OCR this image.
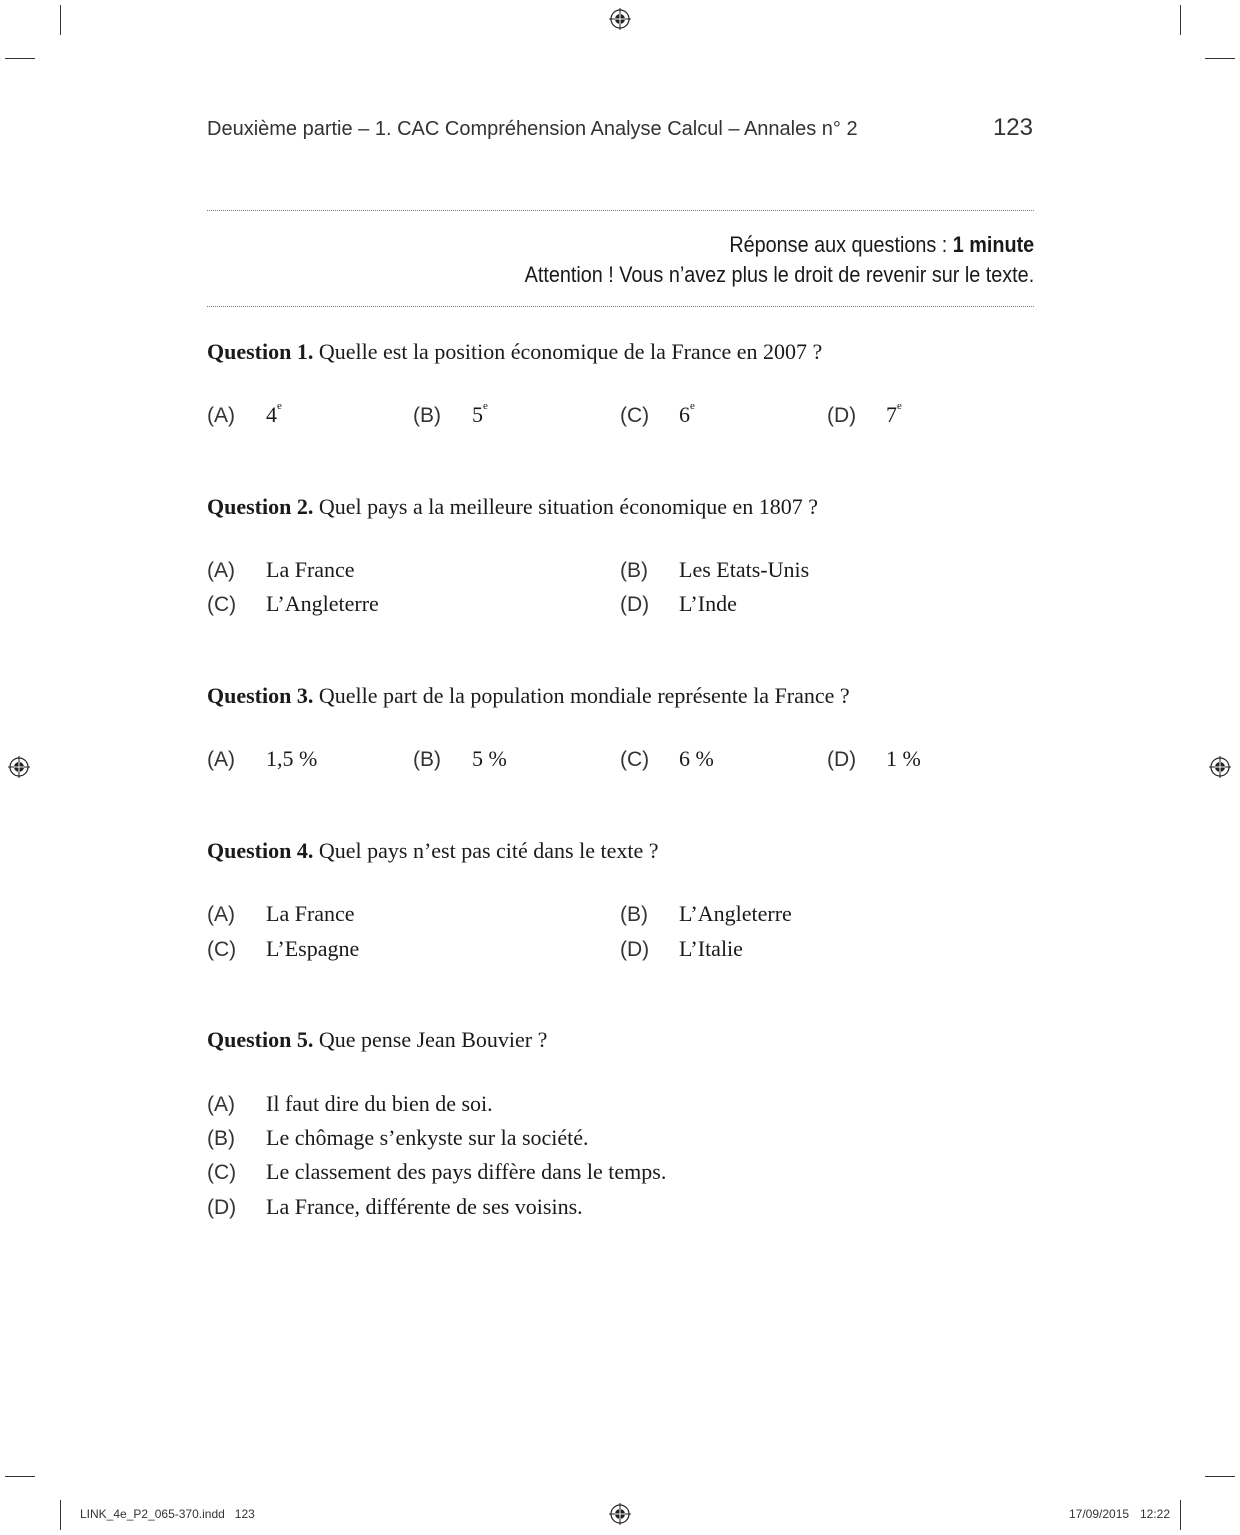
Deuxième partie – 1. CAC Compréhension Analyse Calcul – Annales n° 2	123
Réponse aux questions : 1 minute
Attention ! Vous n’avez plus le droit de revenir sur le texte.
Question 1. Quelle est la position économique de la France en 2007 ?
(A) 4e	(B) 5e	(C) 6e	(D) 7e
Question 2. Quel pays a la meilleure situation économique en 1807 ?
(A) La France	(B) Les Etats-Unis
(C) L’Angleterre	(D) L’Inde
Question 3. Quelle part de la population mondiale représente la France ?
(A) 1,5 %	(B) 5 %	(C) 6 %	(D) 1 %
Question 4. Quel pays n’est pas cité dans le texte ?
(A) La France	(B) L’Angleterre
(C) L’Espagne	(D) L’Italie
Question 5. Que pense Jean Bouvier ?
(A) Il faut dire du bien de soi.
(B) Le chômage s’enkyste sur la société.
(C) Le classement des pays diffère dans le temps.
(D) La France, différente de ses voisins.
LINK_4e_P2_065-370.indd   123	17/09/2015 12:22
